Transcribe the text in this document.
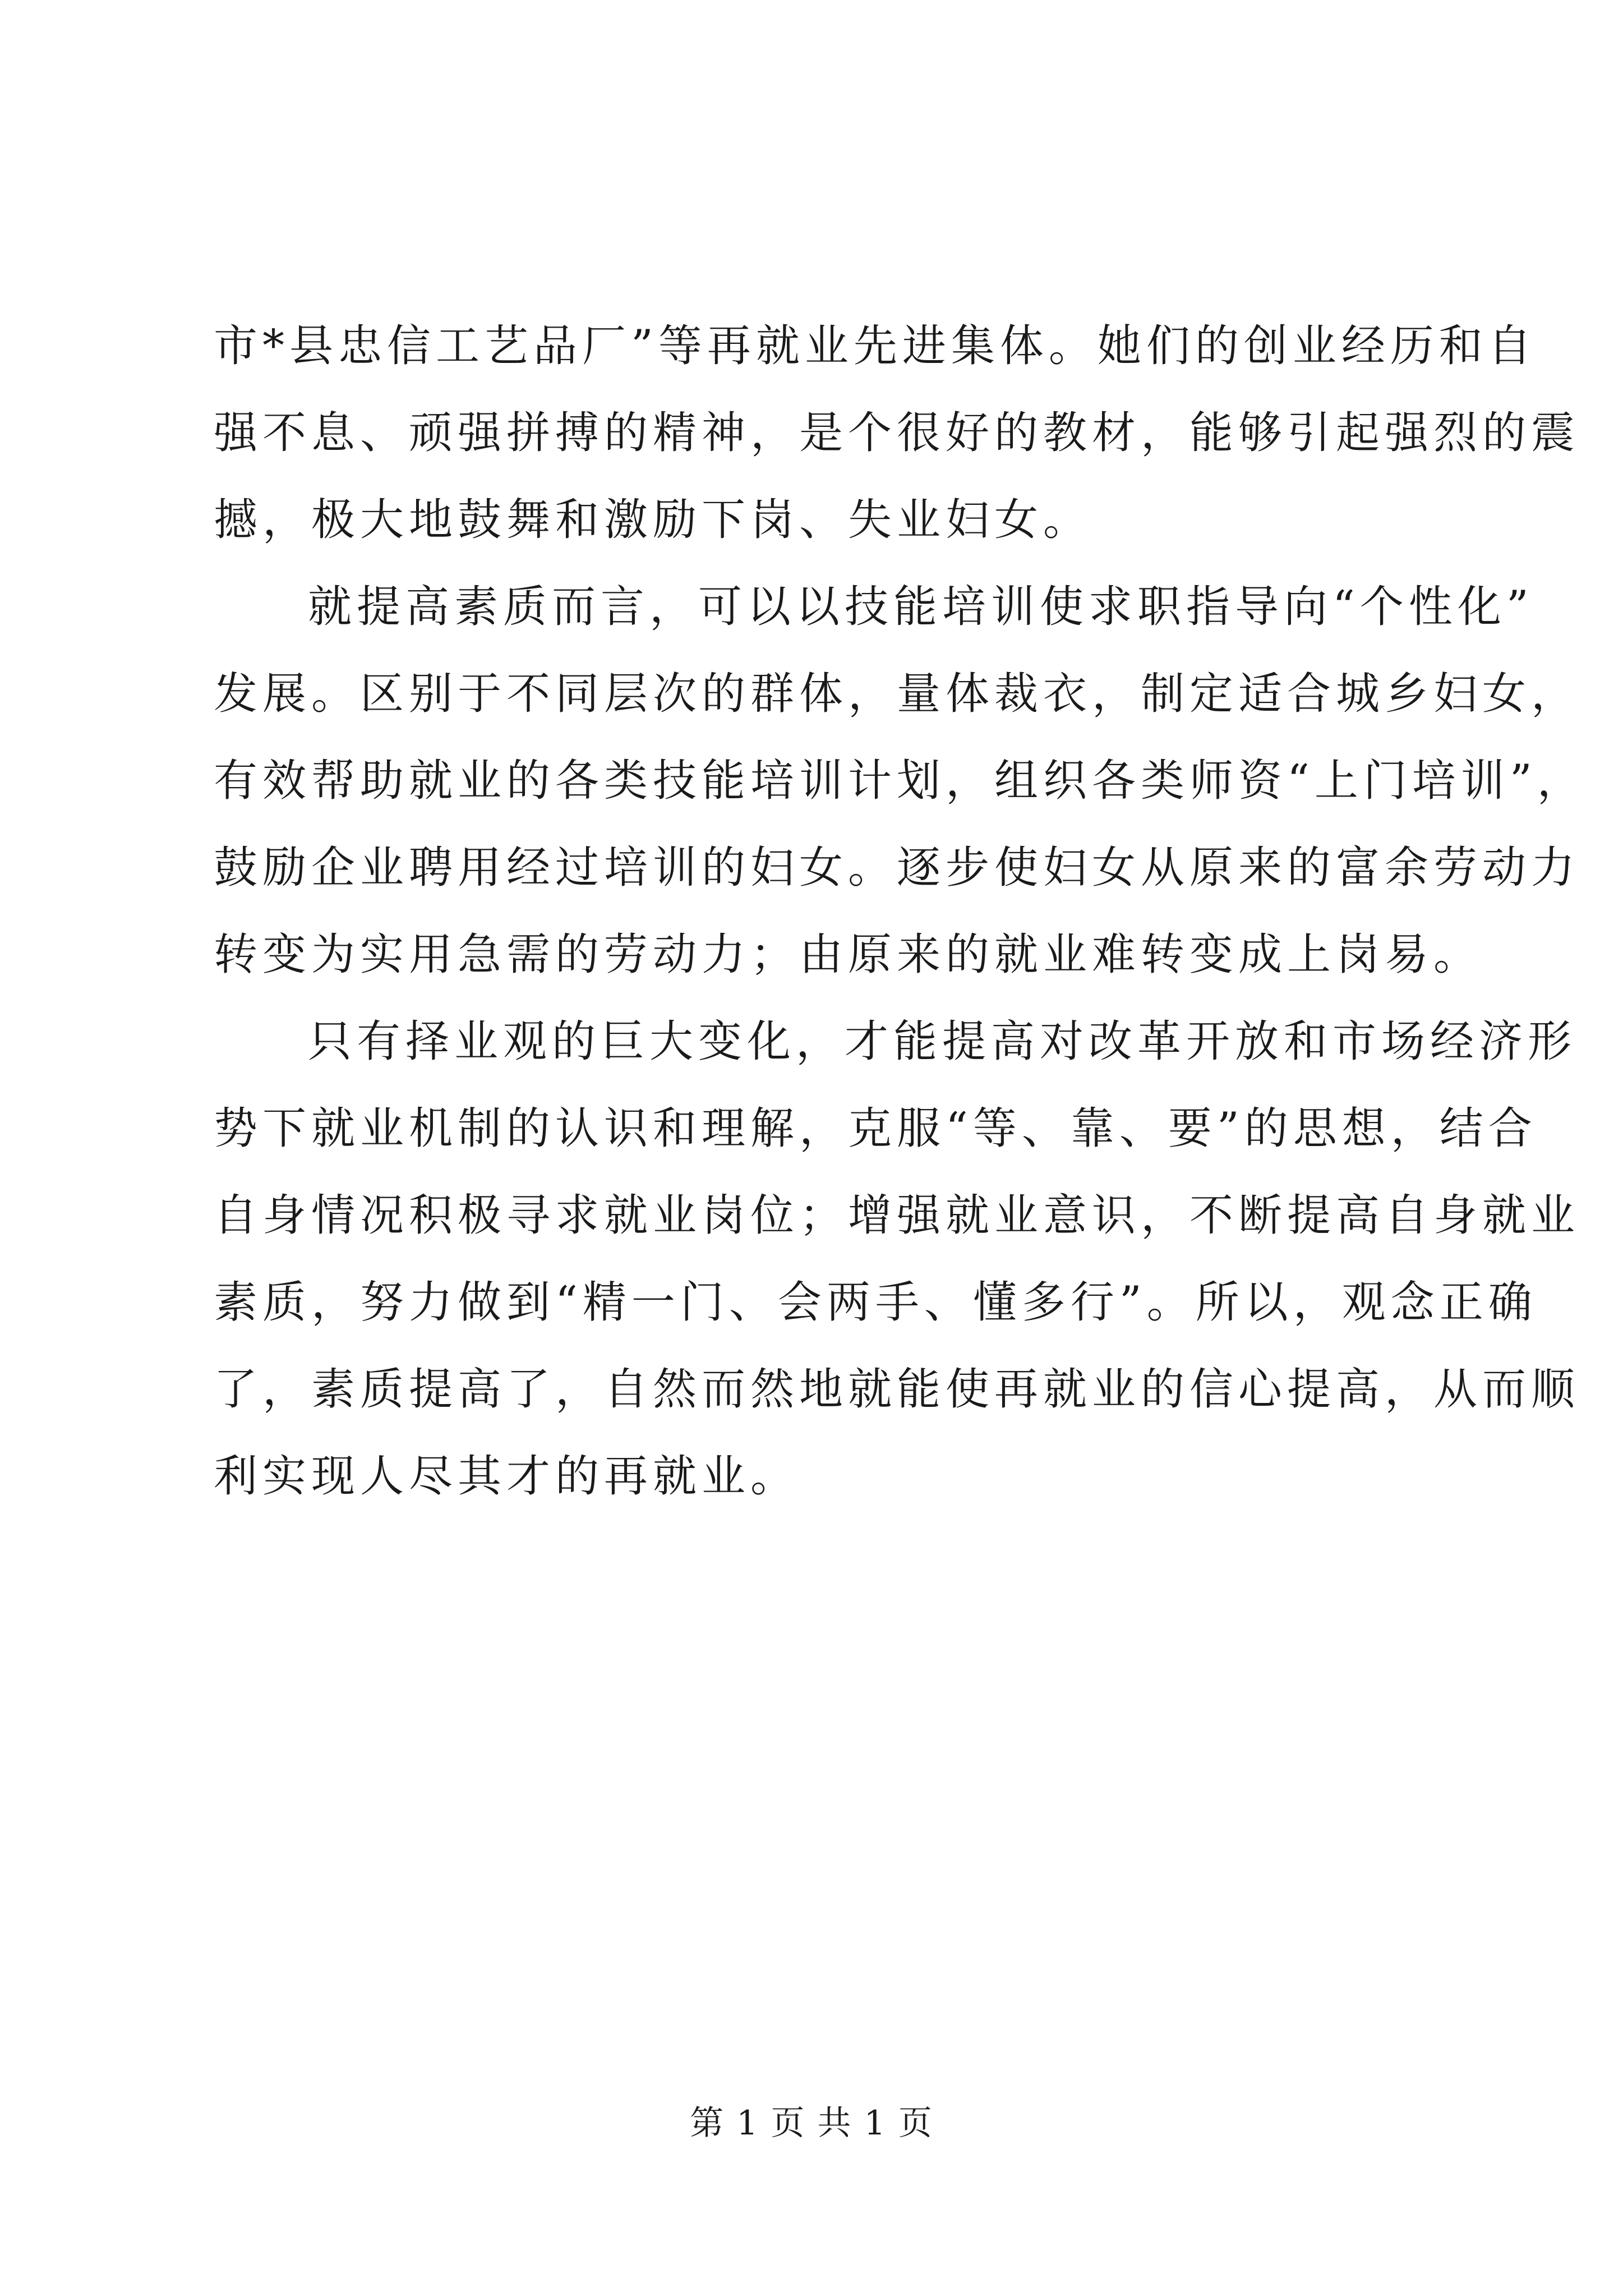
市*县忠信工艺品厂”等再就业先进集体。她们的创业经历和自
强不息、顽强拼搏的精神，是个很好的教材，能够引起强烈的震
撼，极大地鼓舞和激励下岗、失业妇女。
就提高素质而言，可以以技能培训使求职指导向“个性化”
发展。区别于不同层次的群体，量体裁衣，制定适合城乡妇女，
有效帮助就业的各类技能培训计划，组织各类师资“上门培训”，
鼓励企业聘用经过培训的妇女。逐步使妇女从原来的富余劳动力
转变为实用急需的劳动力；由原来的就业难转变成上岗易。
只有择业观的巨大变化，才能提高对改革开放和市场经济形
势下就业机制的认识和理解，克服“等、靠、要”的思想，结合
自身情况积极寻求就业岗位；增强就业意识，不断提高自身就业
素质，努力做到“精一门、会两手、懂多行”。所以，观念正确
了，素质提高了，自然而然地就能使再就业的信心提高，从而顺
利实现人尽其才的再就业。
第 1 页 共 1 页
